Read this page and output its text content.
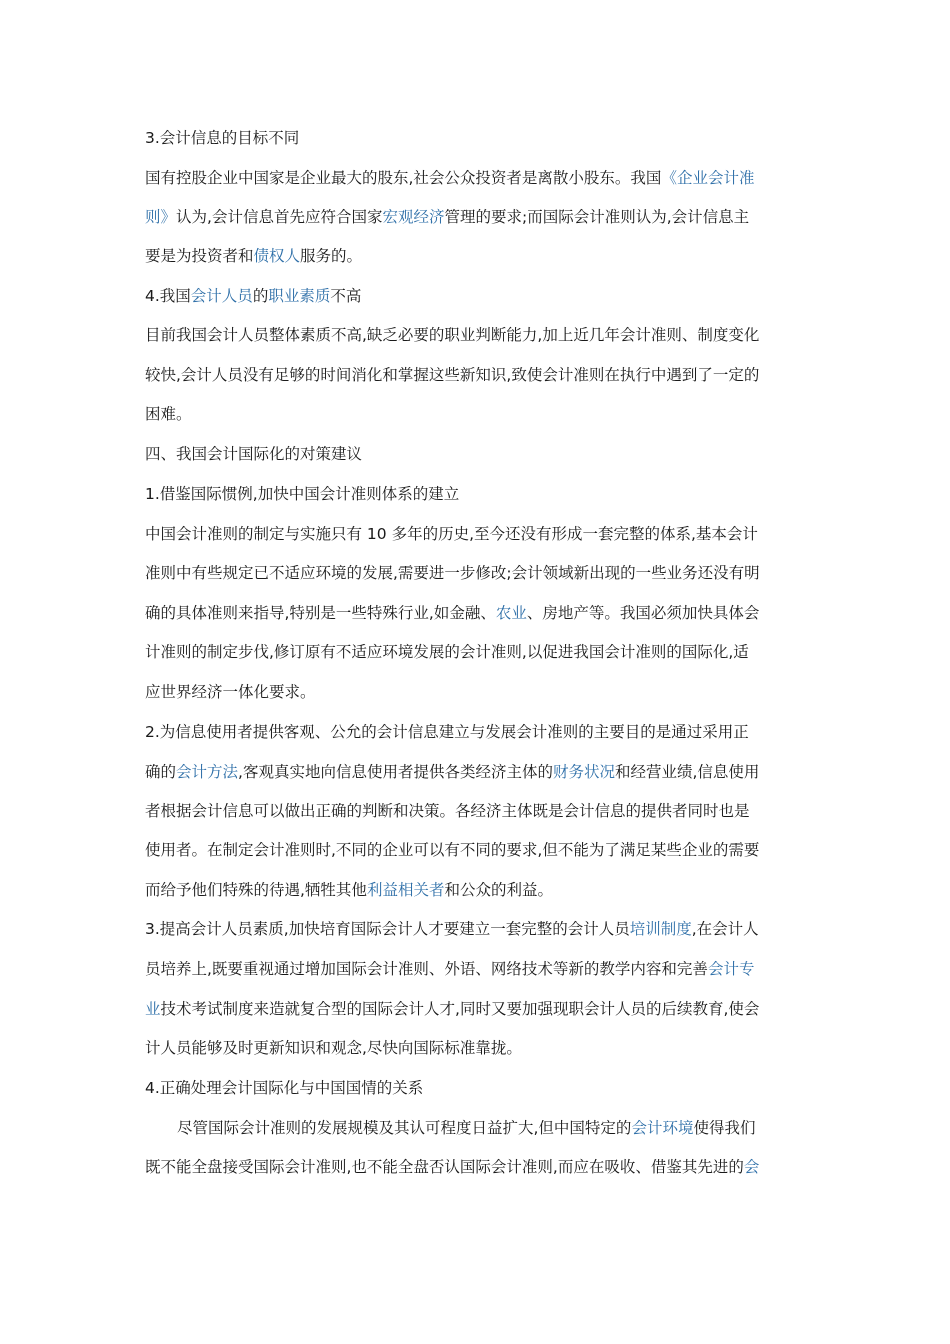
3.会计信息的目标不同
国有控股企业中国家是企业最大的股东,社会公众投资者是离散小股东。我国《企业会计准
则》认为,会计信息首先应符合国家宏观经济管理的要求;而国际会计准则认为,会计信息主
要是为投资者和债权人服务的。
4.我国会计人员的职业素质不高
目前我国会计人员整体素质不高,缺乏必要的职业判断能力,加上近几年会计准则、制度变化
较快,会计人员没有足够的时间消化和掌握这些新知识,致使会计准则在执行中遇到了一定的
困难。
四、我国会计国际化的对策建议
1.借鉴国际惯例,加快中国会计准则体系的建立
中国会计准则的制定与实施只有 10 多年的历史,至今还没有形成一套完整的体系,基本会计
准则中有些规定已不适应环境的发展,需要进一步修改;会计领域新出现的一些业务还没有明
确的具体准则来指导,特别是一些特殊行业,如金融、农业、房地产等。我国必须加快具体会
计准则的制定步伐,修订原有不适应环境发展的会计准则,以促进我国会计准则的国际化,适
应世界经济一体化要求。
2.为信息使用者提供客观、公允的会计信息建立与发展会计准则的主要目的是通过采用正
确的会计方法,客观真实地向信息使用者提供各类经济主体的财务状况和经营业绩,信息使用
者根据会计信息可以做出正确的判断和决策。各经济主体既是会计信息的提供者同时也是
使用者。在制定会计准则时,不同的企业可以有不同的要求,但不能为了满足某些企业的需要
而给予他们特殊的待遇,牺牲其他利益相关者和公众的利益。
3.提高会计人员素质,加快培育国际会计人才要建立一套完整的会计人员培训制度,在会计人
员培养上,既要重视通过增加国际会计准则、外语、网络技术等新的教学内容和完善会计专
业技术考试制度来造就复合型的国际会计人才,同时又要加强现职会计人员的后续教育,使会
计人员能够及时更新知识和观念,尽快向国际标准靠拢。
4.正确处理会计国际化与中国国情的关系
尽管国际会计准则的发展规模及其认可程度日益扩大,但中国特定的会计环境使得我们
既不能全盘接受国际会计准则,也不能全盘否认国际会计准则,而应在吸收、借鉴其先进的会
